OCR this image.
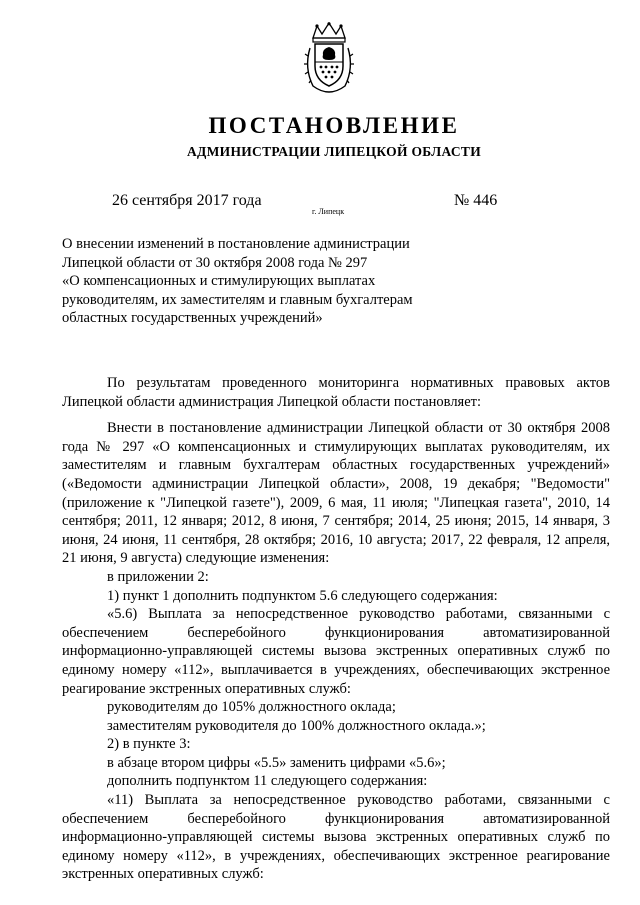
ПОСТАНОВЛЕНИЕ
АДМИНИСТРАЦИИ ЛИПЕЦКОЙ ОБЛАСТИ
26 сентября 2017 года
г. Липецк
№ 446
О внесении изменений в постановление администрации
Липецкой области от 30 октября 2008 года № 297
«О компенсационных и стимулирующих выплатах
руководителям, их заместителям и главным бухгалтерам
областных государственных учреждений»

По результатам проведенного мониторинга нормативных правовых актов Липецкой области администрация Липецкой области постановляет:

Внести в постановление администрации Липецкой области от 30 октября 2008 года № 297 «О компенсационных и стимулирующих выплатах руководителям, их заместителям и главным бухгалтерам областных государственных учреждений» («Ведомости администрации Липецкой области», 2008, 19 декабря; "Ведомости" (приложение к "Липецкой газете"), 2009, 6 мая, 11 июля; "Липецкая газета", 2010, 14 сентября; 2011, 12 января; 2012, 8 июня, 7 сентября; 2014, 25 июня; 2015, 14 января, 3 июня, 24 июня, 11 сентября, 28 октября; 2016, 10 августа; 2017, 22 февраля, 12 апреля, 21 июня, 9 августа) следующие изменения:

в приложении 2:

1) пункт 1 дополнить подпунктом 5.6 следующего содержания:

«5.6) Выплата за непосредственное руководство работами, связанными с обеспечением бесперебойного функционирования автоматизированной информационно-управляющей системы вызова экстренных оперативных служб по единому номеру «112», выплачивается в учреждениях, обеспечивающих экстренное реагирование экстренных оперативных служб:

руководителям до 105% должностного оклада;

заместителям руководителя до 100% должностного оклада.»;

2) в пункте 3:

в абзаце втором цифры «5.5» заменить цифрами «5.6»;

дополнить подпунктом 11 следующего содержания:

«11) Выплата за непосредственное руководство работами, связанными с обеспечением бесперебойного функционирования автоматизированной информационно-управляющей системы вызова экстренных оперативных служб по единому номеру «112», в учреждениях, обеспечивающих экстренное реагирование экстренных оперативных служб:
